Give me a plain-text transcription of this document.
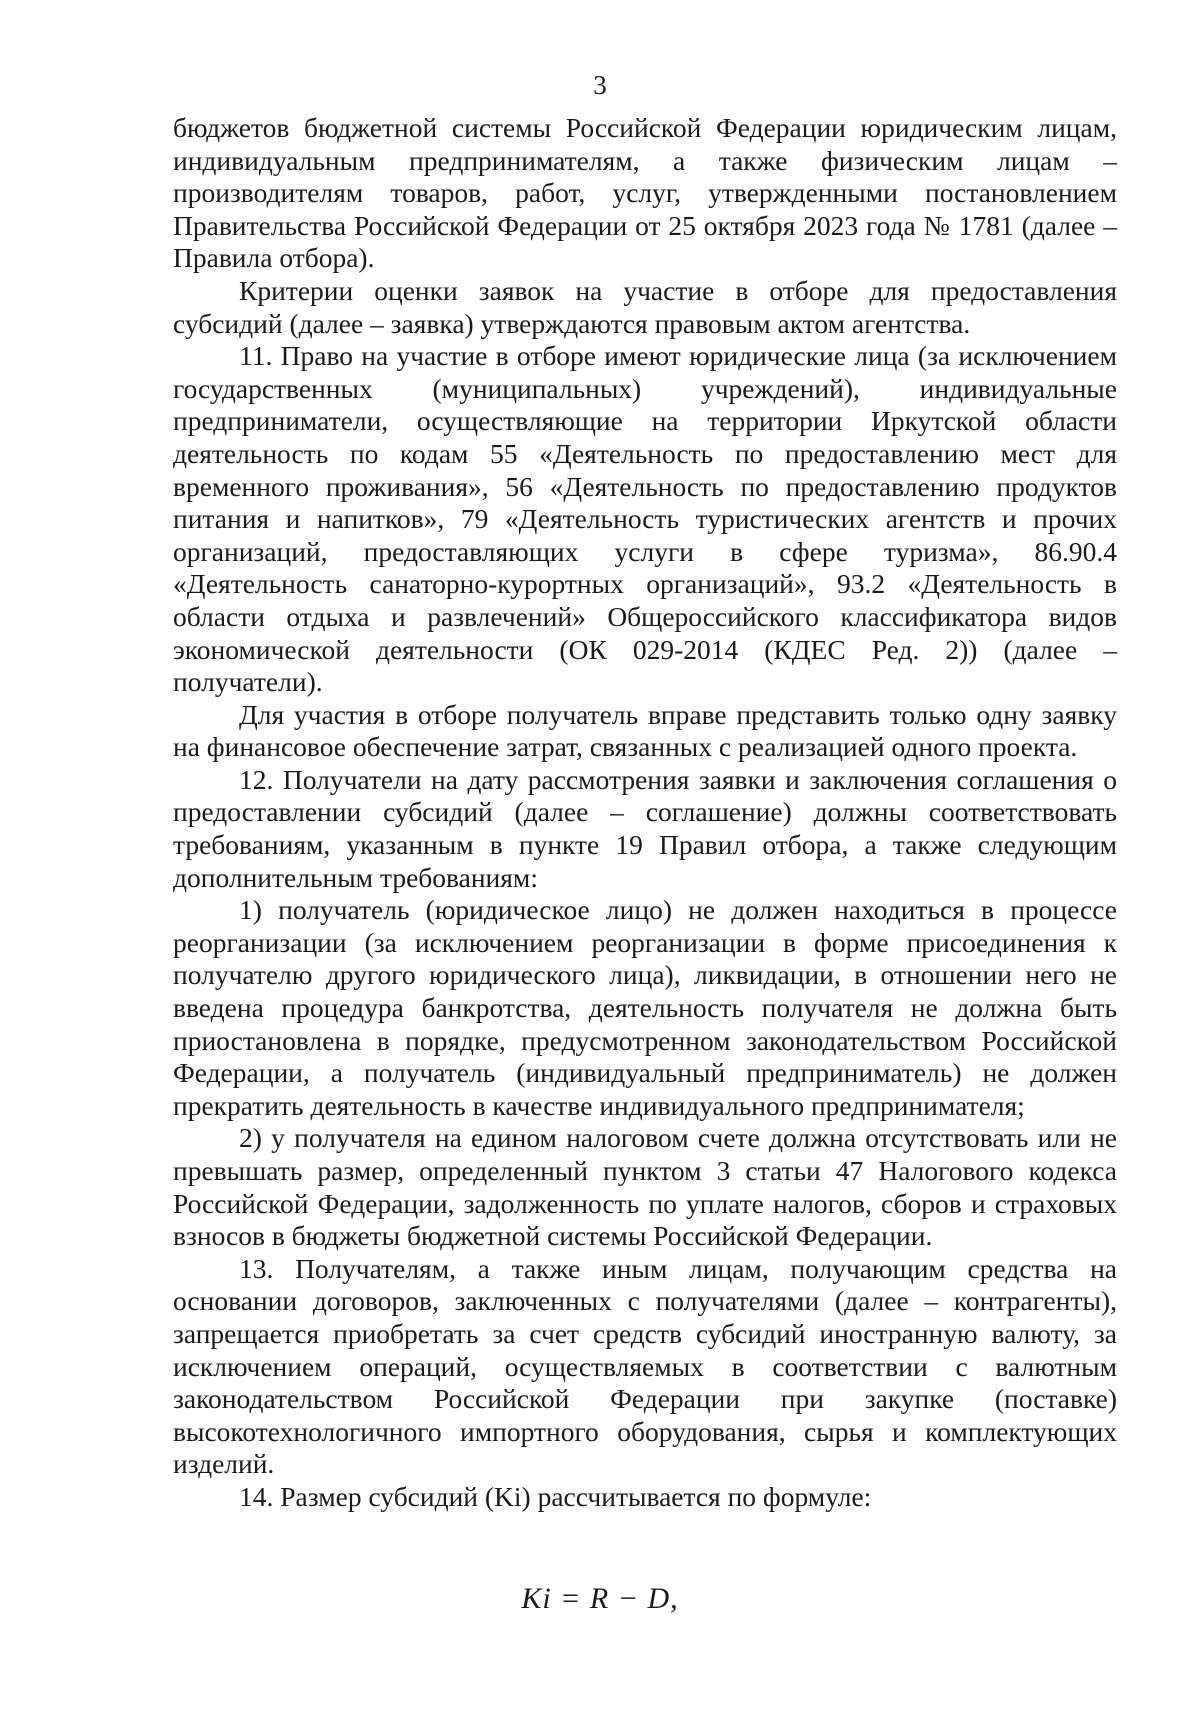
3

бюджетов бюджетной системы Российской Федерации юридическим лицам, индивидуальным предпринимателям, а также физическим лицам – производителям товаров, работ, услуг, утвержденными постановлением Правительства Российской Федерации от 25 октября 2023 года № 1781 (далее – Правила отбора).

Критерии оценки заявок на участие в отборе для предоставления субсидий (далее – заявка) утверждаются правовым актом агентства.

11. Право на участие в отборе имеют юридические лица (за исключением государственных (муниципальных) учреждений), индивидуальные предприниматели, осуществляющие на территории Иркутской области деятельность по кодам 55 «Деятельность по предоставлению мест для временного проживания», 56 «Деятельность по предоставлению продуктов питания и напитков», 79 «Деятельность туристических агентств и прочих организаций, предоставляющих услуги в сфере туризма», 86.90.4 «Деятельность санаторно-курортных организаций», 93.2 «Деятельность в области отдыха и развлечений» Общероссийского классификатора видов экономической деятельности (ОК 029-2014 (КДЕС Ред. 2)) (далее – получатели).

Для участия в отборе получатель вправе представить только одну заявку на финансовое обеспечение затрат, связанных с реализацией одного проекта.

12. Получатели на дату рассмотрения заявки и заключения соглашения о предоставлении субсидий (далее – соглашение) должны соответствовать требованиям, указанным в пункте 19 Правил отбора, а также следующим дополнительным требованиям:

1) получатель (юридическое лицо) не должен находиться в процессе реорганизации (за исключением реорганизации в форме присоединения к получателю другого юридического лица), ликвидации, в отношении него не введена процедура банкротства, деятельность получателя не должна быть приостановлена в порядке, предусмотренном законодательством Российской Федерации, а получатель (индивидуальный предприниматель) не должен прекратить деятельность в качестве индивидуального предпринимателя;

2) у получателя на едином налоговом счете должна отсутствовать или не превышать размер, определенный пунктом 3 статьи 47 Налогового кодекса Российской Федерации, задолженность по уплате налогов, сборов и страховых взносов в бюджеты бюджетной системы Российской Федерации.

13. Получателям, а также иным лицам, получающим средства на основании договоров, заключенных с получателями (далее – контрагенты), запрещается приобретать за счет средств субсидий иностранную валюту, за исключением операций, осуществляемых в соответствии с валютным законодательством Российской Федерации при закупке (поставке) высокотехнологичного импортного оборудования, сырья и комплектующих изделий.

14. Размер субсидий (Ki) рассчитывается по формуле:

Ki = R − D,
